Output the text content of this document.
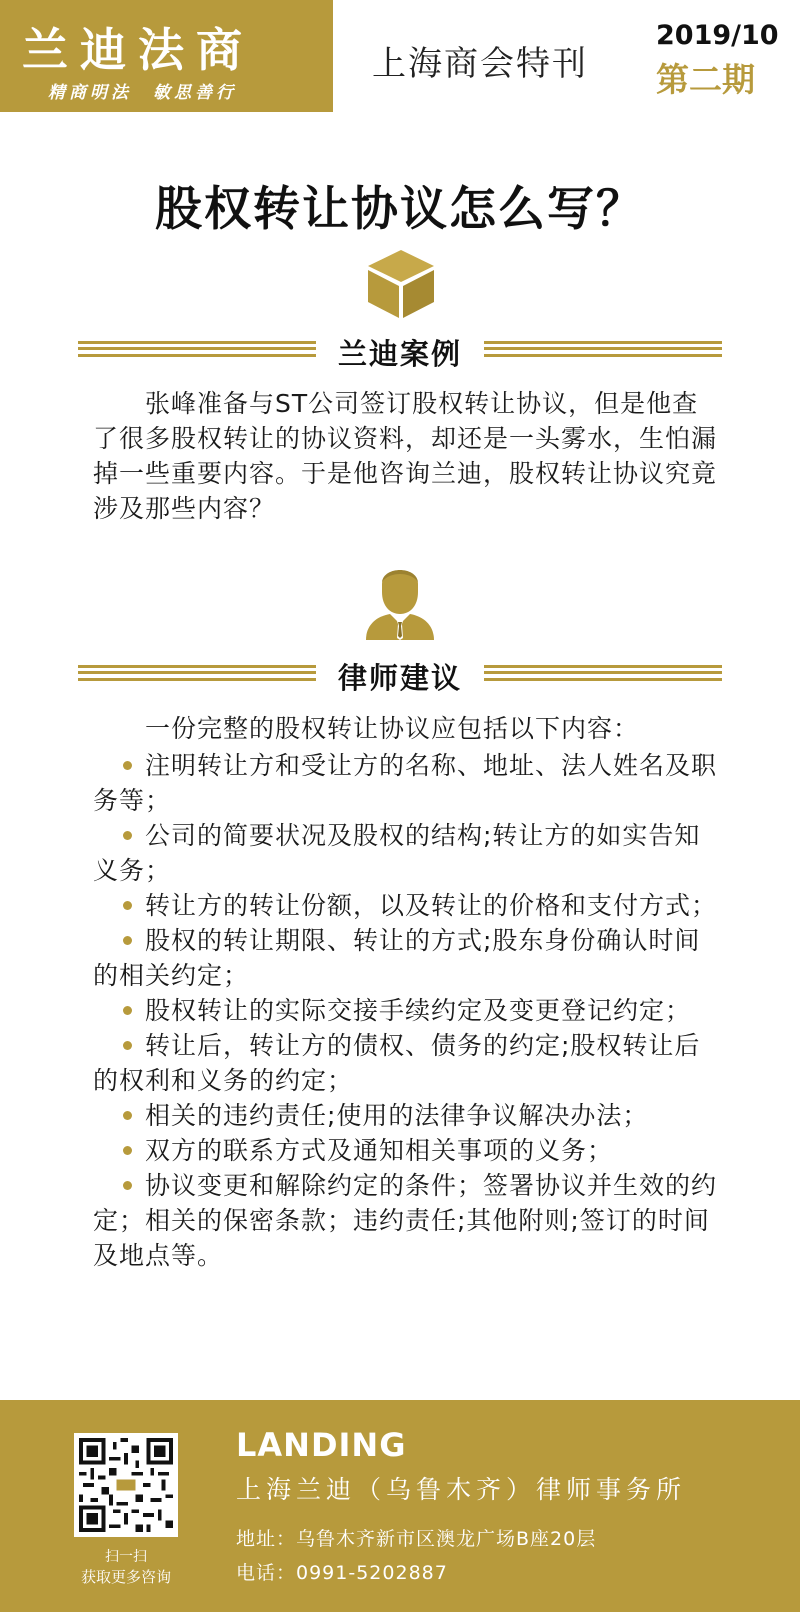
兰迪法商
精商明法　敏思善行
上海商会特刊
2019/10
第二期
股权转让协议怎么写？
兰迪案例

张峰准备与ST公司签订股权转让协议，但是他查了很多股权转让的协议资料，却还是一头雾水，生怕漏掉一些重要内容。于是他咨询兰迪，股权转让协议究竟涉及那些内容？

律师建议

一份完整的股权转让协议应包括以下内容：

注明转让方和受让方的名称、地址、法人姓名及职务等；
公司的简要状况及股权的结构;转让方的如实告知义务；
转让方的转让份额，以及转让的价格和支付方式；
股权的转让期限、转让的方式;股东身份确认时间的相关约定；
股权转让的实际交接手续约定及变更登记约定；
转让后，转让方的债权、债务的约定;股权转让后的权利和义务的约定；
相关的违约责任;使用的法律争议解决办法；
双方的联系方式及通知相关事项的义务；
协议变更和解除约定的条件；签署协议并生效的约定；相关的保密条款；违约责任;其他附则;签订的时间及地点等。
扫一扫
获取更多咨询
LANDING
上海兰迪（乌鲁木齐）律师事务所
地址：乌鲁木齐新市区澳龙广场B座20层
电话：0991-5202887
